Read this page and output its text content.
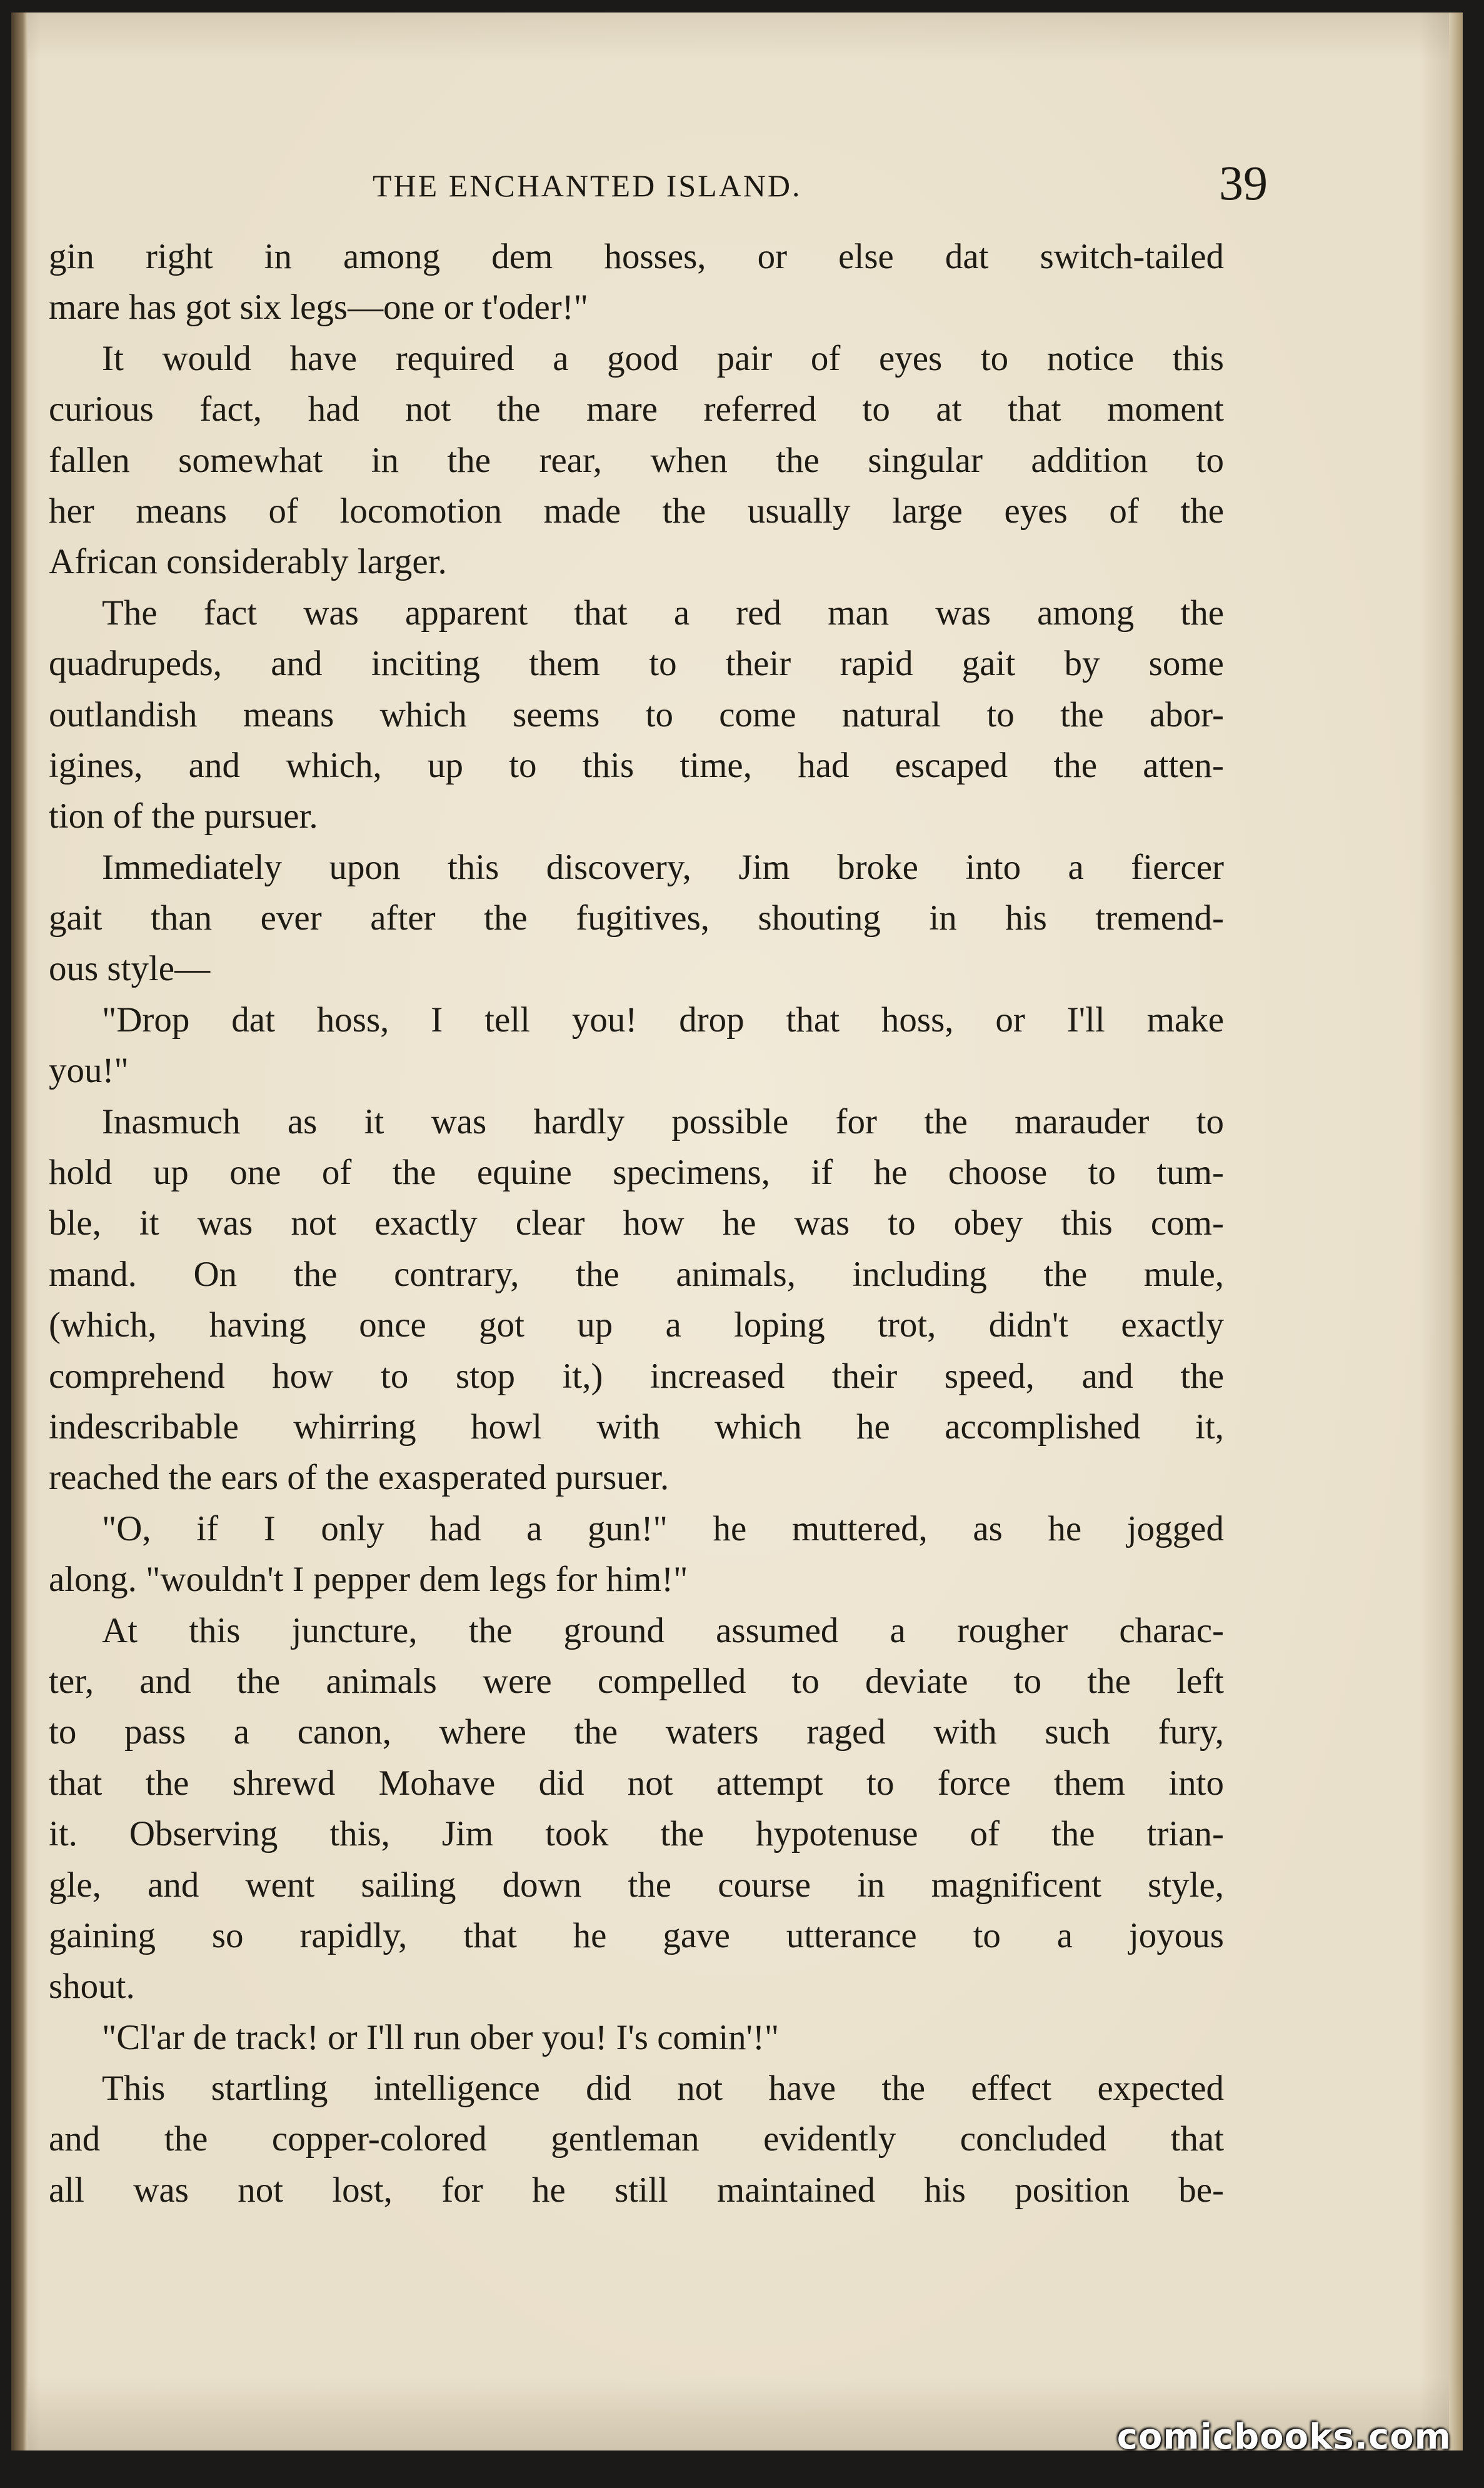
THE ENCHANTED ISLAND.	39
gin right in among dem hosses, or else dat switch-tailed
mare has got six legs—one or t'oder!"
It would have required a good pair of eyes to notice this
curious fact, had not the mare referred to at that moment
fallen somewhat in the rear, when the singular addition to
her means of locomotion made the usually large eyes of the
African considerably larger.
The fact was apparent that a red man was among the
quadrupeds, and inciting them to their rapid gait by some
outlandish means which seems to come natural to the abor-
igines, and which, up to this time, had escaped the atten-
tion of the pursuer.
Immediately upon this discovery, Jim broke into a fiercer
gait than ever after the fugitives, shouting in his tremend-
ous style—
"Drop dat hoss, I tell you! drop that hoss, or I'll make
you!"
Inasmuch as it was hardly possible for the marauder to
hold up one of the equine specimens, if he choose to tum-
ble, it was not exactly clear how he was to obey this com-
mand. On the contrary, the animals, including the mule,
(which, having once got up a loping trot, didn't exactly
comprehend how to stop it,) increased their speed, and the
indescribable whirring howl with which he accomplished it,
reached the ears of the exasperated pursuer.
"O, if I only had a gun!" he muttered, as he jogged
along. "wouldn't I pepper dem legs for him!"
At this juncture, the ground assumed a rougher charac-
ter, and the animals were compelled to deviate to the left
to pass a canon, where the waters raged with such fury,
that the shrewd Mohave did not attempt to force them into
it. Observing this, Jim took the hypotenuse of the trian-
gle, and went sailing down the course in magnificent style,
gaining so rapidly, that he gave utterance to a joyous
shout.
"Cl'ar de track! or I'll run ober you! I's comin'!"
This startling intelligence did not have the effect expected
and the copper-colored gentleman evidently concluded that
all was not lost, for he still maintained his position be-
comicbooks.com
